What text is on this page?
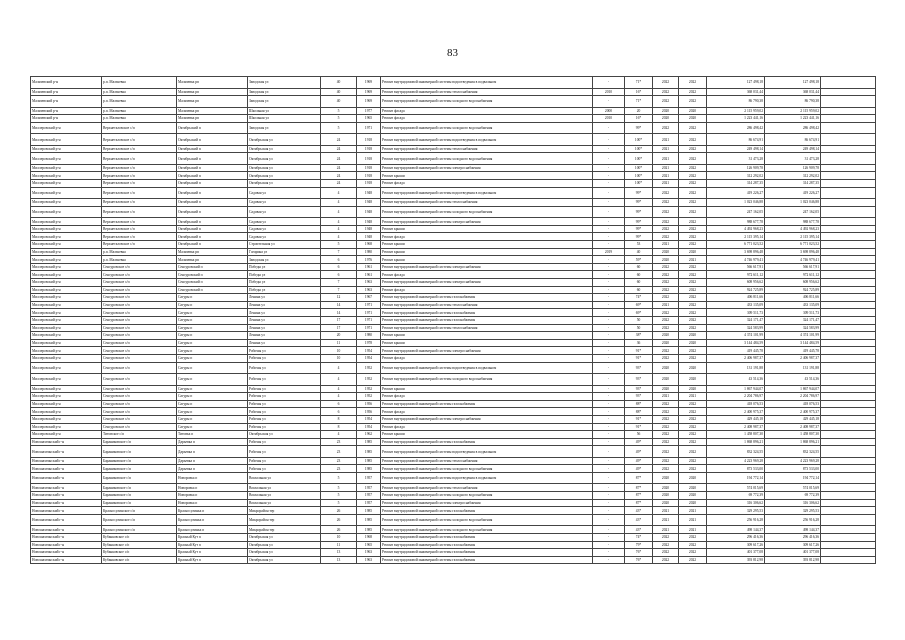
83
Мальчевский р-н	р.п. Мальчевка	Мальчевка рп	Заводская ул	40	1969	Ремонт внутридомовой инженерной системы водоотведения в подвальном	-	71*	2022	2022	127 498,18	127 498,18	
Мальчевский р-н	р.п. Мальчевка	Мальчевка рп	Заводская ул	40	1969	Ремонт внутридомовой инженерной системы теплоснабжения	2010	16*	2022	2022	368 031,44	368 031,44	
Мальчевский р-н	р.п. Мальчевка	Мальчевка рп	Заводская ул	40	1969	Ремонт внутридомовой инженерной системы холодного водоснабжения	-	71*	2022	2022	86 790,38	86 790,38	
Мальчевский р-н	р.п. Мальчевка	Мальчевка рп	Школьная ул	5	1977	Ремонт фасада	2000	20	2020	2020	2 115 959,02	2 115 959,02	
Мальчевский р-н	р.п. Мальчевка	Мальчевка рп	Школьная ул	5	1965	Ремонт фасада	2010	16*	2020	2020	1 223 441,16	1 223 441,16	
Миллеровский р-н	Верхнеталовское с/п	Октябрьский п	Заводская ул	5	1971	Ремонт внутридомовой инженерной системы холодного водоснабжения	-	99*	2022	2022	286 498,42	286 498,42	
Миллеровский р-н	Верхнеталовское с/п	Октябрьский п	Октябрьская ул	24	1918	Ремонт внутридомовой инженерной системы водоотведения в подвальном	-	100*	2021	2022	86 674,91	86 674,91	
Миллеровский р-н	Верхнеталовское с/п	Октябрьский п	Октябрьская ул	24	1918	Ремонт внутридомовой инженерной системы теплоснабжения	-	100*	2021	2022	249 498,14	249 498,14	
Миллеровский р-н	Верхнеталовское с/п	Октябрьский п	Октябрьская ул	24	1918	Ремонт внутридомовой инженерной системы холодного водоснабжения	-	100*	2021	2022	31 473,28	31 473,28	
Миллеровский р-н	Верхнеталовское с/п	Октябрьский п	Октябрьская ул	24	1918	Ремонт внутридомовой инженерной системы электроснабжения	-	100*	2021	2022	126 909,78	126 909,78	
Миллеровский р-н	Верхнеталовское с/п	Октябрьский п	Октябрьская ул	24	1918	Ремонт крыши	-	100*	2021	2022	312 292,02	312 292,02	
Миллеровский р-н	Верхнеталовское с/п	Октябрьский п	Октябрьская ул	24	1918	Ремонт фасада	-	100*	2021	2022	314 287,35	314 287,35	
Миллеровский р-н	Верхнеталовское с/п	Октябрьский п	Садовая ул	4	1948	Ремонт внутридомовой инженерной системы водоотведения в подвальном	-	99*	2022	2022	419 226,27	419 226,27	
Миллеровский р-н	Верхнеталовское с/п	Октябрьский п	Садовая ул	4	1948	Ремонт внутридомовой инженерной системы теплоснабжения	-	99*	2022	2022	1 023 046,88	1 023 046,88	
Миллеровский р-н	Верхнеталовское с/п	Октябрьский п	Садовая ул	4	1948	Ремонт внутридомовой инженерной системы холодного водоснабжения	-	99*	2022	2022	247 162,05	247 162,05	
Миллеровский р-н	Верхнеталовское с/п	Октябрьский п	Садовая ул	4	1948	Ремонт внутридомовой инженерной системы электроснабжения	-	99*	2022	2022	988 677,78	988 677,78	
Миллеровский р-н	Верхнеталовское с/п	Октябрьский п	Садовая ул	4	1948	Ремонт крыши	-	99*	2022	2022	4 492 968,23	4 492 968,23	
Миллеровский р-н	Верхнеталовское с/п	Октябрьский п	Садовая ул	4	1948	Ремонт фасада	-	99*	2022	2022	2 115 395,14	2 115 395,14	
Миллеровский р-н	Верхнеталовское с/п	Октябрьский п	Строительная ул	5	1968	Ремонт крыши	-	53	2021	2022	6 771 023,52	6 771 023,52	
Миллеровский р-н	р.п. Мальчевка	Мальчевка рп	Гагарина ул	7	1980	Ремонт крыши	2019	40	2020	2020	3 698 896,48	3 698 896,48	
Миллеровский р-н	р.п. Мальчевка	Мальчевка рп	Заводская ул	6	1976	Ремонт крыши	-	59*	2020	2021	4 746 979,41	4 746 979,41	
Миллеровский р-н	Сенсуровское с/п	Сенсуровский п	Победы ул	6	1961	Ремонт внутридомовой инженерной системы электроснабжения	-	60	2022	2022	566 617,91	566 617,91	
Миллеровский р-н	Сенсуровское с/п	Сенсуровский п	Победы ул	6	1961	Ремонт фасада	-	60	2022	2022	972 611,12	972 611,12	
Миллеровский р-н	Сенсуровское с/п	Сенсуровский п	Победы ул	7	1963	Ремонт внутридомовой инженерной системы электроснабжения	-	60	2022	2022	608 956,62	608 956,62	
Миллеровский р-н	Сенсуровское с/п	Сенсуровский п	Победы ул	7	1963	Ремонт фасада	-	60	2022	2022	924 725,89	924 725,89	
Миллеровский р-н	Сенсуровское с/п	Сагуры п	Ленина ул	12	1967	Ремонт внутридомовой инженерной системы газоснабжения	-	74*	2022	2022	406 811,66	406 811,66	
Миллеровский р-н	Сенсуровское с/п	Сагуры п	Ленина ул	14	1971	Ремонт внутридомовой инженерной системы теплоснабжения	-	69*	2021	2022	433 135,09	433 135,09	
Миллеровский р-н	Сенсуровское с/п	Сагуры п	Ленина ул	14	1971	Ремонт внутридомовой инженерной системы газоснабжения	-	69*	2022	2022	309 511,73	309 511,73	
Миллеровский р-н	Сенсуровское с/п	Сагуры п	Ленина ул	17	1971	Ремонт внутридомовой инженерной системы газоснабжения	-	50	2022	2022	324 171,47	324 171,47	
Миллеровский р-н	Сенсуровское с/п	Сагуры п	Ленина ул	17	1971	Ремонт внутридомовой инженерной системы теплоснабжения	-	50	2022	2022	324 583,99	324 583,99	
Миллеровский р-н	Сенсуровское с/п	Сагуры п	Ленина ул	20	1980	Ремонт крыши	-	38*	2020	2020	4 374 101,99	4 374 101,99	
Миллеровский р-н	Сенсуровское с/п	Сагуры п	Ленина ул	11	1978	Ремонт крыши	-	36	2020	2020	3 144 484,59	3 144 484,59	
Миллеровский р-н	Сенсуровское с/п	Сагуры п	Рабочая ул	10	1954	Ремонт внутридомовой инженерной системы электроснабжения	-	91*	2022	2022	419 445,78	419 445,78	
Миллеровский р-н	Сенсуровское с/п	Сагуры п	Рабочая ул	10	1954	Ремонт фасада	-	91*	2022	2022	2 406 987,37	2 406 987,37	
Миллеровский р-н	Сенсуровское с/п	Сагуры п	Рабочая ул	4	1952	Ремонт внутридомовой инженерной системы водоотведения в подвальном	-	93*	2020	2020	131 191,88	131 191,88	
Миллеровский р-н	Сенсуровское с/п	Сагуры п	Рабочая ул	4	1952	Ремонт внутридомовой инженерной системы холодного водоснабжения	-	93*	2020	2020	43 514,36	43 514,36	
Миллеровский р-н	Сенсуровское с/п	Сагуры п	Рабочая ул	4	1952	Ремонт крыши	-	93*	2020	2020	1 867 944,07	1 867 944,07	
Миллеровский р-н	Сенсуровское с/п	Сагуры п	Рабочая ул	4	1952	Ремонт фасада	-	93*	2021	2021	2 204 786,97	2 204 786,97	
Миллеровский р-н	Сенсуровское с/п	Сагуры п	Рабочая ул	6	1956	Ремонт внутридомовой инженерной системы газоснабжения	-	88*	2022	2022	418 076,53	418 076,53	
Миллеровский р-н	Сенсуровское с/п	Сагуры п	Рабочая ул	6	1956	Ремонт фасада	-	88*	2022	2022	2 400 975,37	2 400 975,37	
Миллеровский р-н	Сенсуровское с/п	Сагуры п	Рабочая ул	8	1954	Ремонт внутридомовой инженерной системы электроснабжения	-	91*	2022	2022	429 445,18	429 445,18	
Миллеровский р-н	Сенсуровское с/п	Сагуры п	Рабочая ул	8	1954	Ремонт фасада	-	91*	2022	2022	2 408 987,37	2 408 987,37	
Миллеровский р-н	Титовское с/п	Титовка п	Октябрьская ул	4	1962	Ремонт крыши	-	56	2022	2022	1 458 807,30	1 458 807,30	
Новошахтинский г-н	Бараниковское с/п	Дарьевка п	Рабочая ул	23	1985	Ремонт внутридомовой инженерной системы газоснабжения	-	49*	2022	2022	1 868 896,21	1 868 896,21	
Новошахтинский г-н	Бараниковское с/п	Дарьевка п	Рабочая ул	23	1985	Ремонт внутридомовой инженерной системы водоотведения в подвальном	-	49*	2022	2022	832 324,55	832 324,55	
Новошахтинский г-н	Бараниковское с/п	Дарьевка п	Рабочая ул	23	1985	Ремонт внутридомовой инженерной системы теплоснабжения	-	49*	2022	2022	4 223 969,28	4 223 969,28	
Новошахтинский г-н	Бараниковское с/п	Дарьевка п	Рабочая ул	23	1985	Ремонт внутридомовой инженерной системы холодного водоснабжения	-	49*	2022	2022	873 533,00	873 533,00	
Новошахтинский г-н	Бараниковское с/п	Новоровка п	Вокзальная ул	5	1957	Ремонт внутридомовой инженерной системы водоотведения в подвальном	-	87*	2020	2020	194 772,14	194 772,14	
Новошахтинский г-н	Бараниковское с/п	Новоровка п	Вокзальная ул	5	1957	Ремонт внутридомовой инженерной системы теплоснабжения	-	87*	2020	2020	574 015,69	574 015,69	
Новошахтинский г-н	Бараниковское с/п	Новоровка п	Вокзальная ул	5	1957	Ремонт внутридомовой инженерной системы холодного водоснабжения	-	87*	2020	2020	69 772,39	69 772,39	
Новошахтинский г-н	Бараниковское с/п	Новоровка п	Вокзальная ул	5	1957	Ремонт внутридомовой инженерной системы электроснабжения	-	87*	2020	2020	316 306,62	316 306,62	
Новошахтинский г-н	Красносулинское с/п	Красносулинка п	Микрорайон тер	26	1985	Ремонт внутридомовой инженерной системы газоснабжения	-	43*	2021	2021	329 295,53	329 295,53	
Новошахтинский г-н	Красносулинское с/п	Красносулинка п	Микрорайон тер	26	1985	Ремонт внутридомовой инженерной системы холодного водоснабжения	-	43*	2021	2021	256 916,28	256 916,28	
Новошахтинский г-н	Красносулинское с/п	Красносулинка п	Микрорайон тер	26	1985	Ремонт внутридомовой инженерной системы холодного водоснабжения	-	43*	2021	2021	498 144,37	498 144,37	
Новошахтинский г-н	Кубанковское с/п	Красный Кут п	Октябрьская ул	10	1968	Ремонт внутридомовой инженерной системы газоснабжения	-	74*	2022	2022	296 416,36	296 416,36	
Новошахтинский г-н	Кубанковское с/п	Красный Кут п	Октябрьская ул	11	1965	Ремонт внутридомовой инженерной системы газоснабжения	-	79*	2022	2022	309 617,26	309 617,26	
Новошахтинский г-н	Кубанковское с/п	Красный Кут п	Октябрьская ул	13	1963	Ремонт внутридомовой инженерной системы газоснабжения	-	76*	2022	2022	401 377,08	401 377,08	
Новошахтинский г-н	Кубанковское с/п	Красный Кут п	Октябрьская ул	13	1963	Ремонт внутридомовой инженерной системы газоснабжения	-	76*	2022	2022	393 812,98	393 812,98	
